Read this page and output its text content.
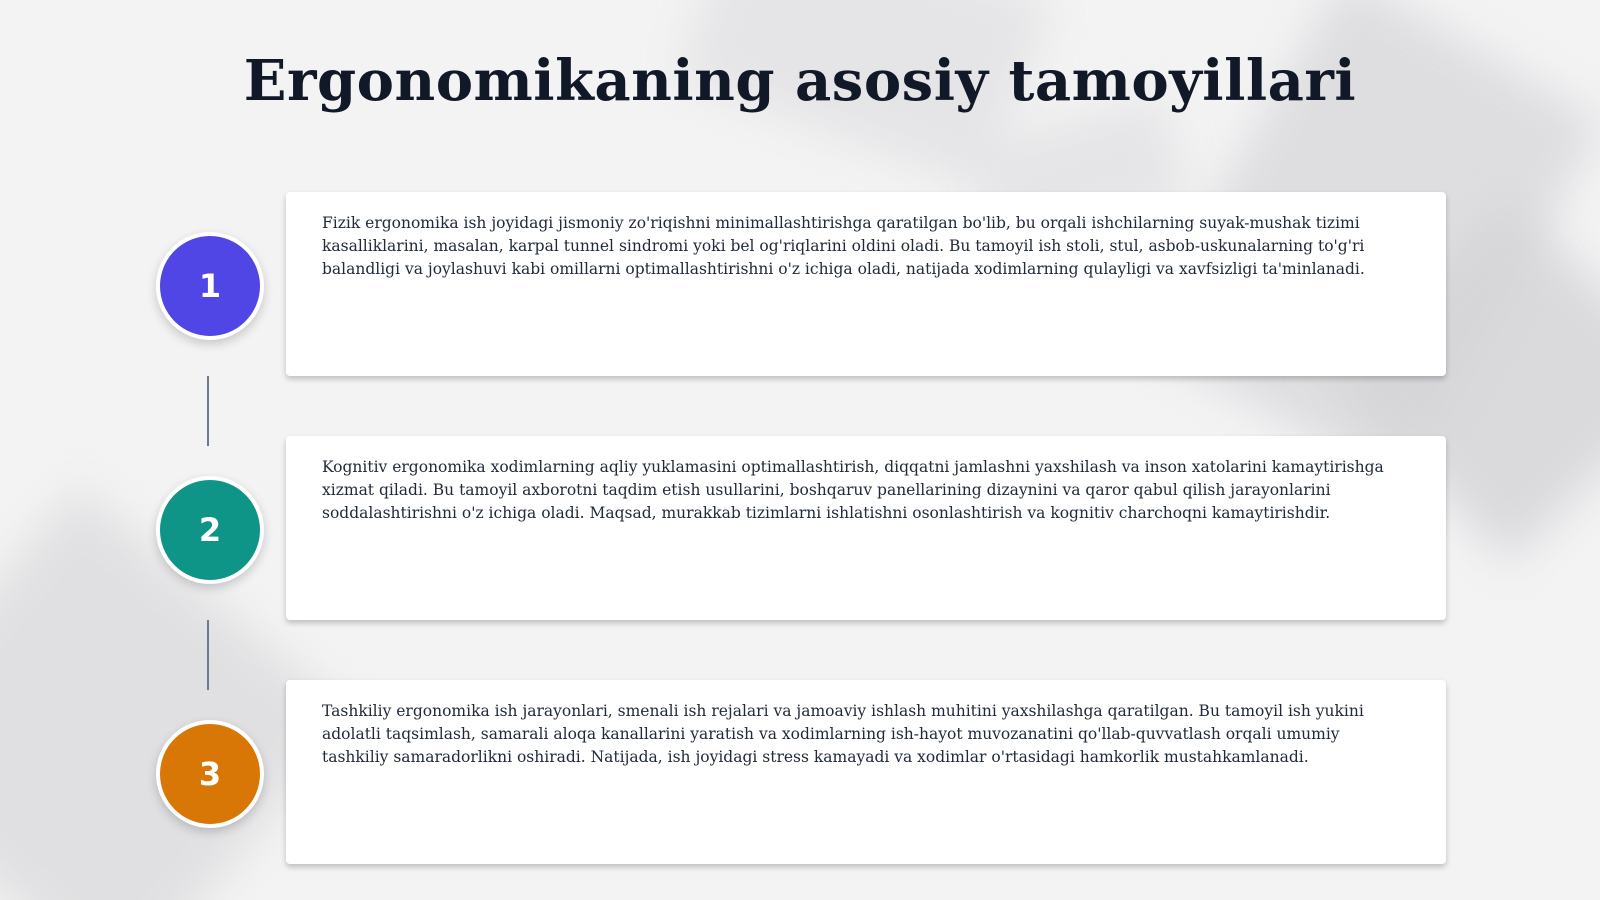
Ergonomikaning asosiy tamoyillari
1
2
3

Fizik ergonomika ish joyidagi jismoniy zo'riqishni minimallashtirishga qaratilgan bo'lib, bu orqali ishchilarning suyak-mushak tizimi kasalliklarini, masalan, karpal tunnel sindromi yoki bel og'riqlarini oldini oladi. Bu tamoyil ish stoli, stul, asbob-uskunalarning to'g'ri balandligi va joylashuvi kabi omillarni optimallashtirishni o'z ichiga oladi, natijada xodimlarning qulayligi va xavfsizligi ta'minlanadi.

Kognitiv ergonomika xodimlarning aqliy yuklamasini optimallashtirish, diqqatni jamlashni yaxshilash va inson xatolarini kamaytirishga xizmat qiladi. Bu tamoyil axborotni taqdim etish usullarini, boshqaruv panellarining dizaynini va qaror qabul qilish jarayonlarini soddalashtirishni o'z ichiga oladi. Maqsad, murakkab tizimlarni ishlatishni osonlashtirish va kognitiv charchoqni kamaytirishdir.

Tashkiliy ergonomika ish jarayonlari, smenali ish rejalari va jamoaviy ishlash muhitini yaxshilashga qaratilgan. Bu tamoyil ish yukini adolatli taqsimlash, samarali aloqa kanallarini yaratish va xodimlarning ish-hayot muvozanatini qo'llab-quvvatlash orqali umumiy tashkiliy samaradorlikni oshiradi. Natijada, ish joyidagi stress kamayadi va xodimlar o'rtasidagi hamkorlik mustahkamlanadi.
